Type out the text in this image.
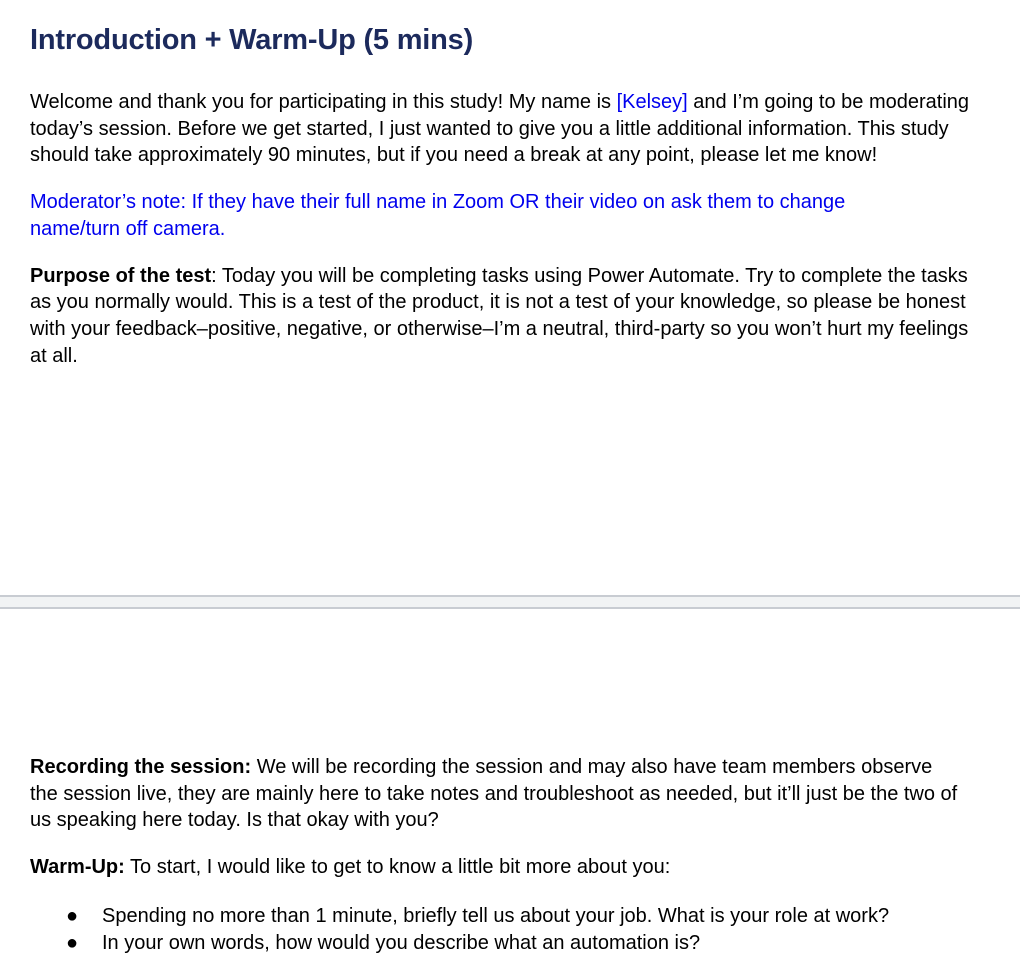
Introduction + Warm-Up (5 mins)

Welcome and thank you for participating in this study! My name is [Kelsey] and I’m going to be moderating today’s session. Before we get started, I just wanted to give you a little additional information. This study should take approximately 90 minutes, but if you need a break at any point, please let me know!

Moderator’s note: If they have their full name in Zoom OR their video on ask them to change name/turn off camera.

Purpose of the test: Today you will be completing tasks using Power Automate. Try to complete the tasks as you normally would. This is a test of the product, it is not a test of your knowledge, so please be honest with your feedback–positive, negative, or otherwise–I’m a neutral, third-party so you won’t hurt my feelings at all.

Recording the session: We will be recording the session and may also have team members observe the session live, they are mainly here to take notes and troubleshoot as needed, but it’ll just be the two of us speaking here today. Is that okay with you?

Warm-Up: To start, I would like to get to know a little bit more about you:

● Spending no more than 1 minute, briefly tell us about your job. What is your role at work?
● In your own words, how would you describe what an automation is?
